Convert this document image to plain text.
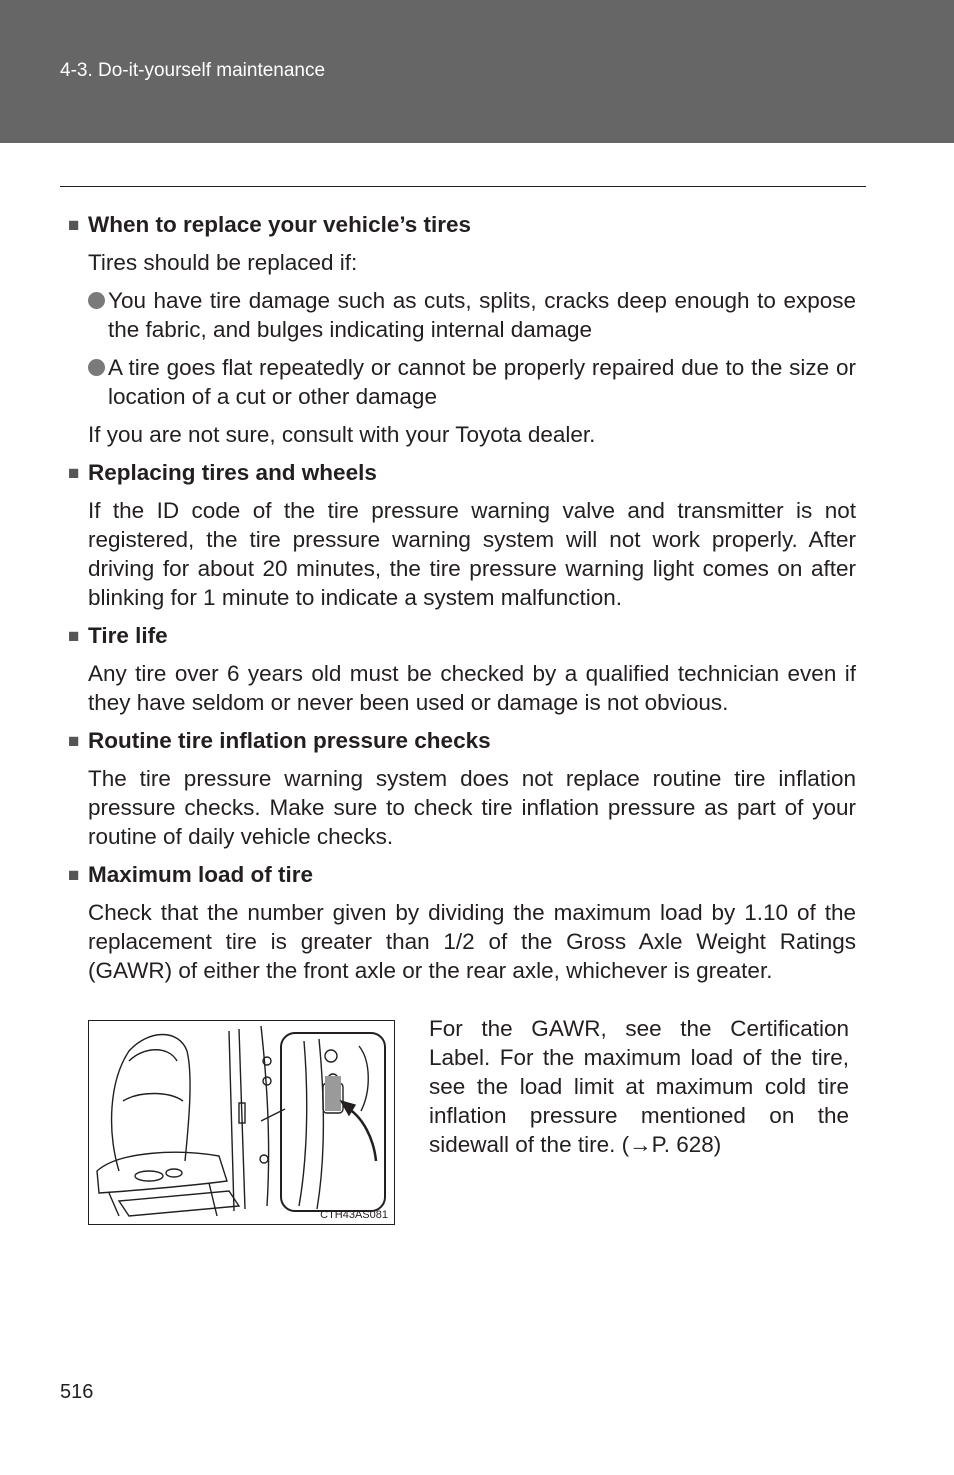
4-3. Do-it-yourself maintenance
■ When to replace your vehicle’s tires
Tires should be replaced if:
You have tire damage such as cuts, splits, cracks deep enough to expose the fabric, and bulges indicating internal damage
A tire goes flat repeatedly or cannot be properly repaired due to the size or location of a cut or other damage
If you are not sure, consult with your Toyota dealer.
■ Replacing tires and wheels
If the ID code of the tire pressure warning valve and transmitter is not registered, the tire pressure warning system will not work properly. After driving for about 20 minutes, the tire pressure warning light comes on after blinking for 1 minute to indicate a system malfunction.
■ Tire life
Any tire over 6 years old must be checked by a qualified technician even if they have seldom or never been used or damage is not obvious.
■ Routine tire inflation pressure checks
The tire pressure warning system does not replace routine tire inflation pressure checks. Make sure to check tire inflation pressure as part of your routine of daily vehicle checks.
■ Maximum load of tire
Check that the number given by dividing the maximum load by 1.10 of the replacement tire is greater than 1/2 of the Gross Axle Weight Ratings (GAWR) of either the front axle or the rear axle, whichever is greater.
CTH43AS081
For the GAWR, see the Certification Label. For the maximum load of the tire, see the load limit at maximum cold tire inflation pressure mentioned on the sidewall of the tire. (→P. 628)
516
